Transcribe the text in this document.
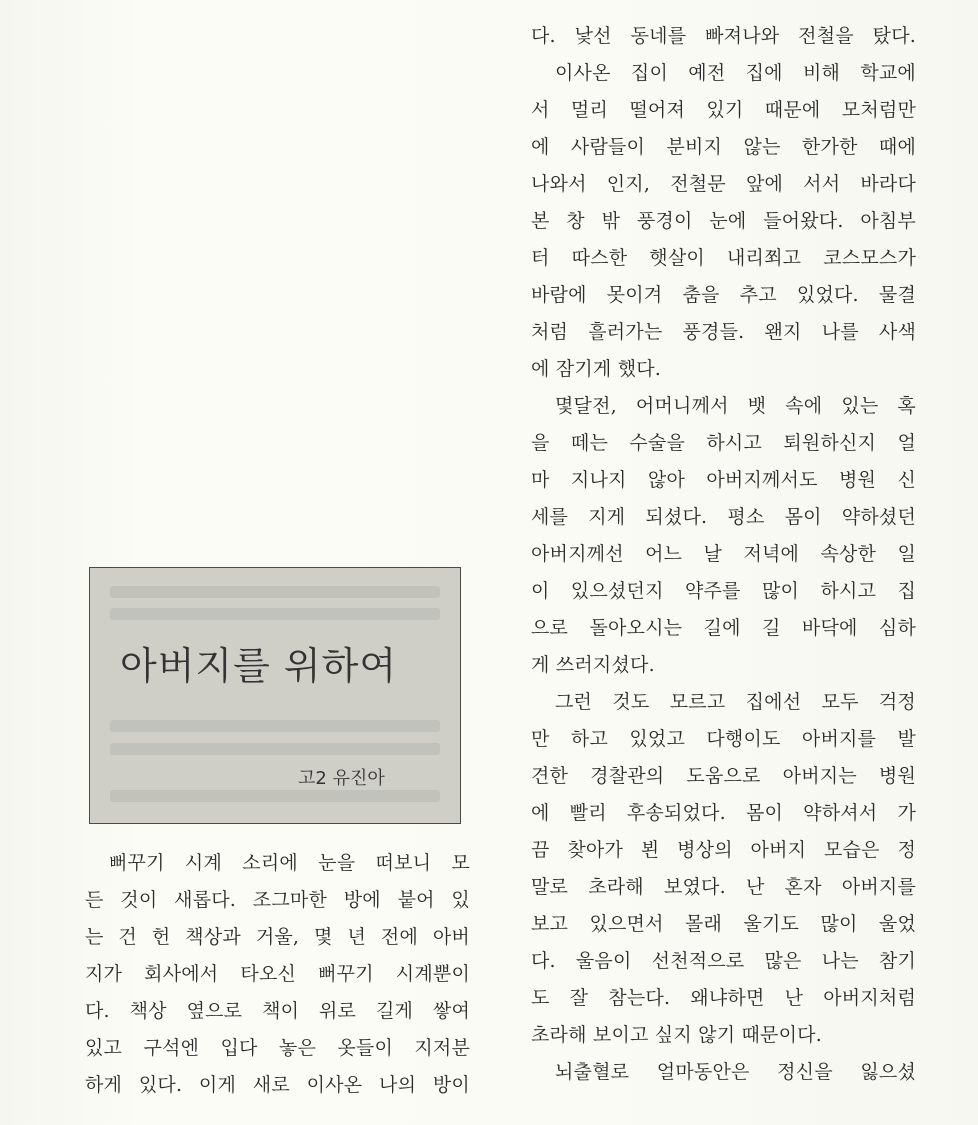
아버지를 위하여

고2 유진아

뻐꾸기 시계 소리에 눈을 떠보니 모
든 것이 새롭다. 조그마한 방에 붙어 있
는 건 헌 책상과 거울, 몇 년 전에 아버
지가 회사에서 타오신 뻐꾸기 시계뿐이
다. 책상 옆으로 책이 위로 길게 쌓여
있고 구석엔 입다 놓은 옷들이 지저분
하게 있다. 이게 새로 이사온 나의 방이
다. 낯선 동네를 빠져나와 전철을 탔다.
이사온 집이 예전 집에 비해 학교에
서 멀리 떨어져 있기 때문에 모처럼만
에 사람들이 분비지 않는 한가한 때에
나와서 인지, 전철문 앞에 서서 바라다
본 창 밖 풍경이 눈에 들어왔다. 아침부
터 따스한 햇살이 내리쬐고 코스모스가
바람에 못이겨 춤을 추고 있었다. 물결
처럼 흘러가는 풍경들. 왠지 나를 사색
에 잠기게 했다.
몇달전, 어머니께서 뱃 속에 있는 혹
을 떼는 수술을 하시고 퇴원하신지 얼
마 지나지 않아 아버지께서도 병원 신
세를 지게 되셨다. 평소 몸이 약하셨던
아버지께선 어느 날 저녁에 속상한 일
이 있으셨던지 약주를 많이 하시고 집
으로 돌아오시는 길에 길 바닥에 심하
게 쓰러지셨다.
그런 것도 모르고 집에선 모두 걱정
만 하고 있었고 다행이도 아버지를 발
견한 경찰관의 도움으로 아버지는 병원
에 빨리 후송되었다. 몸이 약하셔서 가
끔 찾아가 뵌 병상의 아버지 모습은 정
말로 초라해 보였다. 난 혼자 아버지를
보고 있으면서 몰래 울기도 많이 울었
다. 울음이 선천적으로 많은 나는 참기
도 잘 참는다. 왜냐하면 난 아버지처럼
초라해 보이고 싶지 않기 때문이다.
뇌출혈로 얼마동안은 정신을 잃으셨
